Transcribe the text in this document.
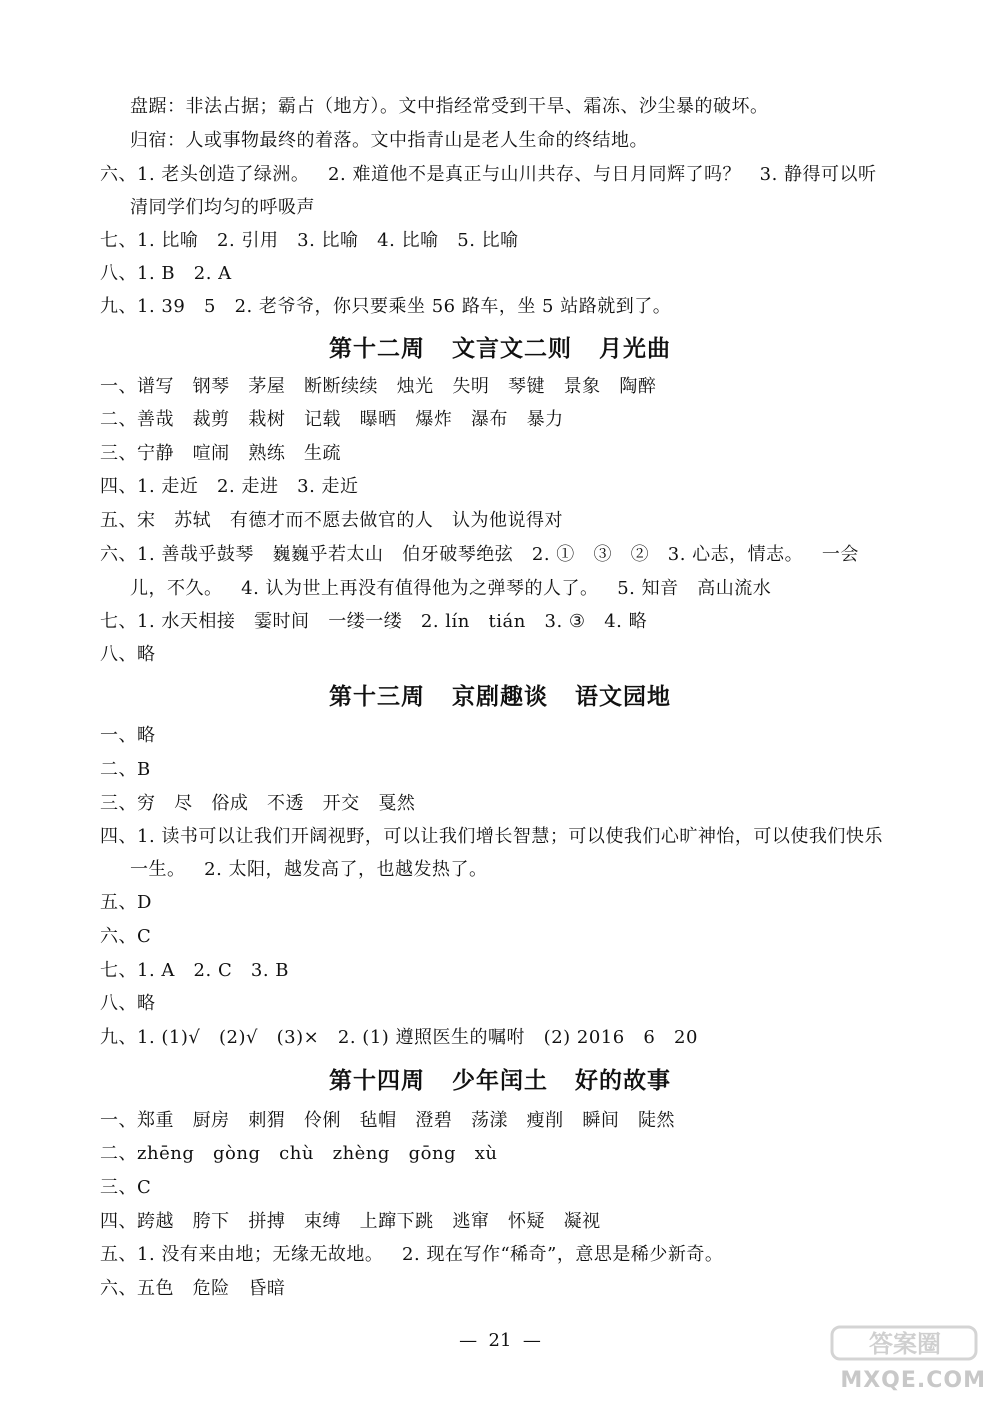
盘踞：非法占据；霸占（地方）。文中指经常受到干旱、霜冻、沙尘暴的破坏。
归宿：人或事物最终的着落。文中指青山是老人生命的终结地。
六、1. 老头创造了绿洲。   2. 难道他不是真正与山川共存、与日月同辉了吗？   3. 静得可以听
清同学们均匀的呼吸声
七、1. 比喻   2. 引用   3. 比喻   4. 比喻   5. 比喻
八、1. B   2. A
九、1. 39   5   2. 老爷爷，你只要乘坐 56 路车，坐 5 站路就到了。
第十二周   文言文二则   月光曲
一、谱写   钢琴   茅屋   断断续续   烛光   失明   琴键   景象   陶醉
二、善哉   裁剪   栽树   记载   曝晒   爆炸   瀑布   暴力
三、宁静   喧闹   熟练   生疏
四、1. 走近   2. 走进   3. 走近
五、宋   苏轼   有德才而不愿去做官的人   认为他说得对
六、1. 善哉乎鼓琴   巍巍乎若太山   伯牙破琴绝弦   2. ①   ③   ②   3. 心志，情志。   一会
儿，不久。   4. 认为世上再没有值得他为之弹琴的人了。   5. 知音   高山流水
七、1. 水天相接   霎时间   一缕一缕   2. lín   tián   3. ③   4. 略
八、略
第十三周   京剧趣谈   语文园地
一、略
二、B
三、穷   尽   俗成   不透   开交   戛然
四、1. 读书可以让我们开阔视野，可以让我们增长智慧；可以使我们心旷神怡，可以使我们快乐
一生。   2. 太阳，越发高了，也越发热了。
五、D
六、C
七、1. A   2. C   3. B
八、略
九、1. (1)√   (2)√   (3)×   2. (1) 遵照医生的嘱咐   (2) 2016   6   20
第十四周   少年闰土   好的故事
一、郑重   厨房   刺猬   伶俐   毡帽   澄碧   荡漾   瘦削   瞬间   陡然
二、zhēng   gòng   chù   zhèng   gōng   xù
三、C
四、跨越   胯下   拼搏   束缚   上蹿下跳   逃窜   怀疑   凝视
五、1. 没有来由地；无缘无故地。   2. 现在写作“稀奇”，意思是稀少新奇。
六、五色   危险   昏暗
—  21  —	答案圈
MXQE.COM
